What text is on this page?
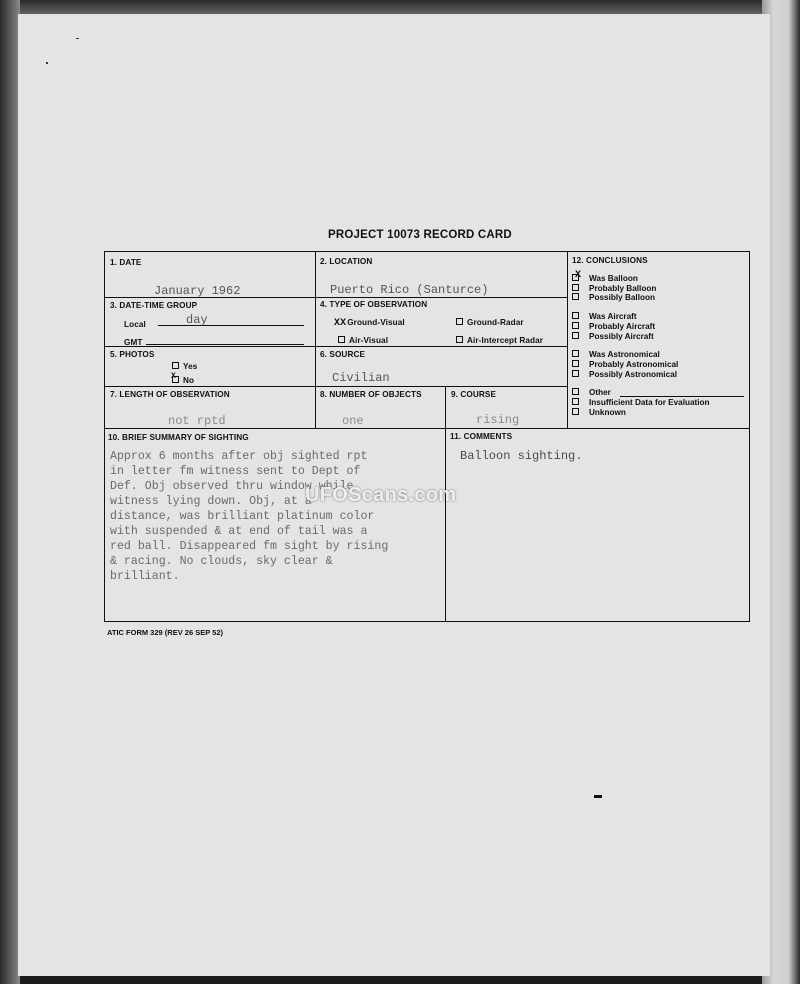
PROJECT 10073 RECORD CARD
1. DATE
January 1962
2. LOCATION
Puerto Rico (Santurce)
3. DATE-TIME GROUP
Local	day
GMT
4. TYPE OF OBSERVATION
XXGround-Visual	Ground-Radar
Air-Visual	Air-Intercept Radar
5. PHOTOS
Yes
X No
6. SOURCE
Civilian
7. LENGTH OF OBSERVATION
not rptd
8. NUMBER OF OBJECTS
one
9. COURSE
rising
10. BRIEF SUMMARY OF SIGHTING
Approx 6 months after obj sighted rpt
in letter fm witness sent to Dept of
Def. Obj observed thru window while
witness lying down. Obj, at a
distance, was brilliant platinum color
with suspended & at end of tail was a
red ball. Disappeared fm sight by rising
& racing. No clouds, sky clear &
brilliant.
11. COMMENTS
Balloon sighting.
12. CONCLUSIONS
X Was Balloon
Probably Balloon
Possibly Balloon
Was Aircraft
Probably Aircraft
Possibly Aircraft
Was Astronomical
Probably Astronomical
Possibly Astronomical
Other
Insufficient Data for Evaluation
Unknown
UFOScans.com
ATIC FORM 329 (REV 26 SEP 52)
